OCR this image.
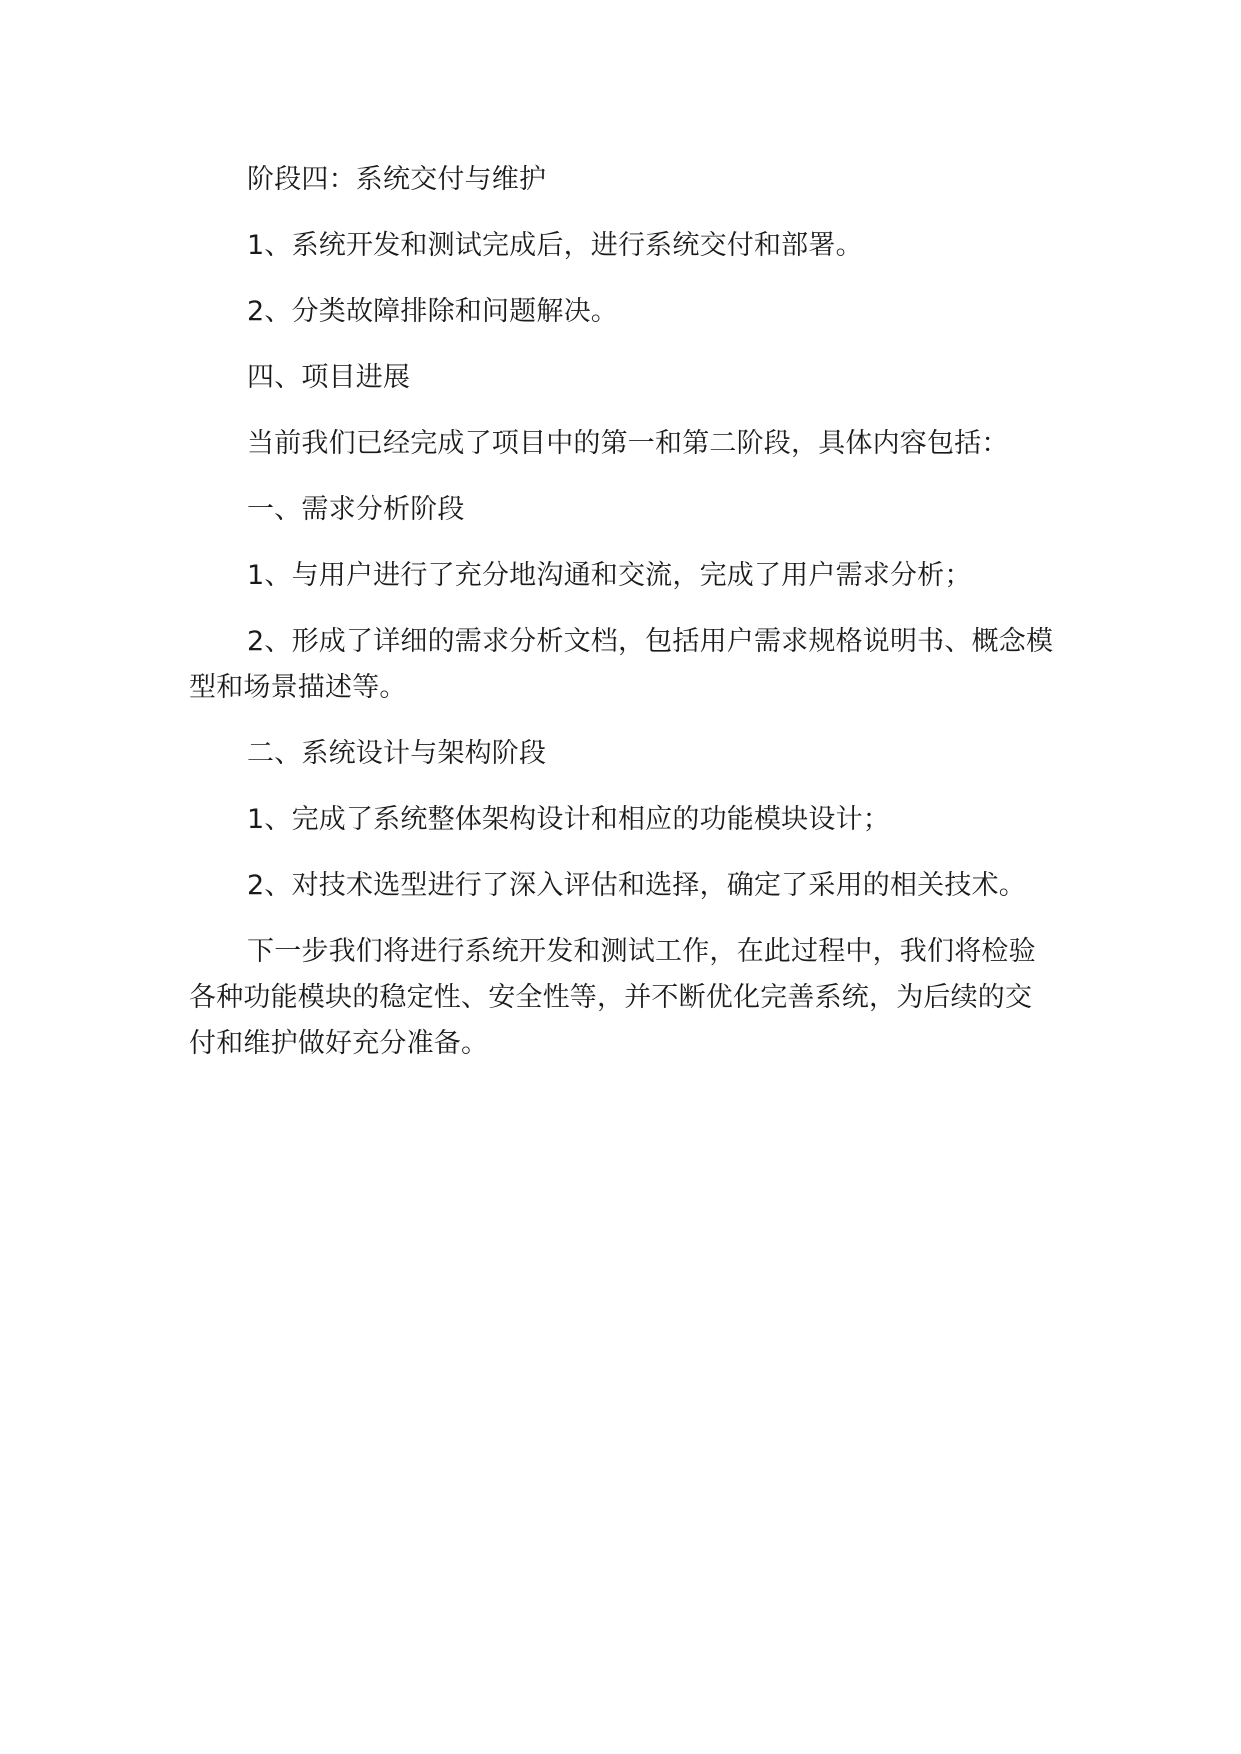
阶段四：系统交付与维护

1、系统开发和测试完成后，进行系统交付和部署。

2、分类故障排除和问题解决。

四、项目进展

当前我们已经完成了项目中的第一和第二阶段，具体内容包括：

一、需求分析阶段

1、与用户进行了充分地沟通和交流，完成了用户需求分析；

2、形成了详细的需求分析文档，包括用户需求规格说明书、概念模型和场景描述等。

二、系统设计与架构阶段

1、完成了系统整体架构设计和相应的功能模块设计；

2、对技术选型进行了深入评估和选择，确定了采用的相关技术。

下一步我们将进行系统开发和测试工作，在此过程中，我们将检验各种功能模块的稳定性、安全性等，并不断优化完善系统，为后续的交付和维护做好充分准备。
